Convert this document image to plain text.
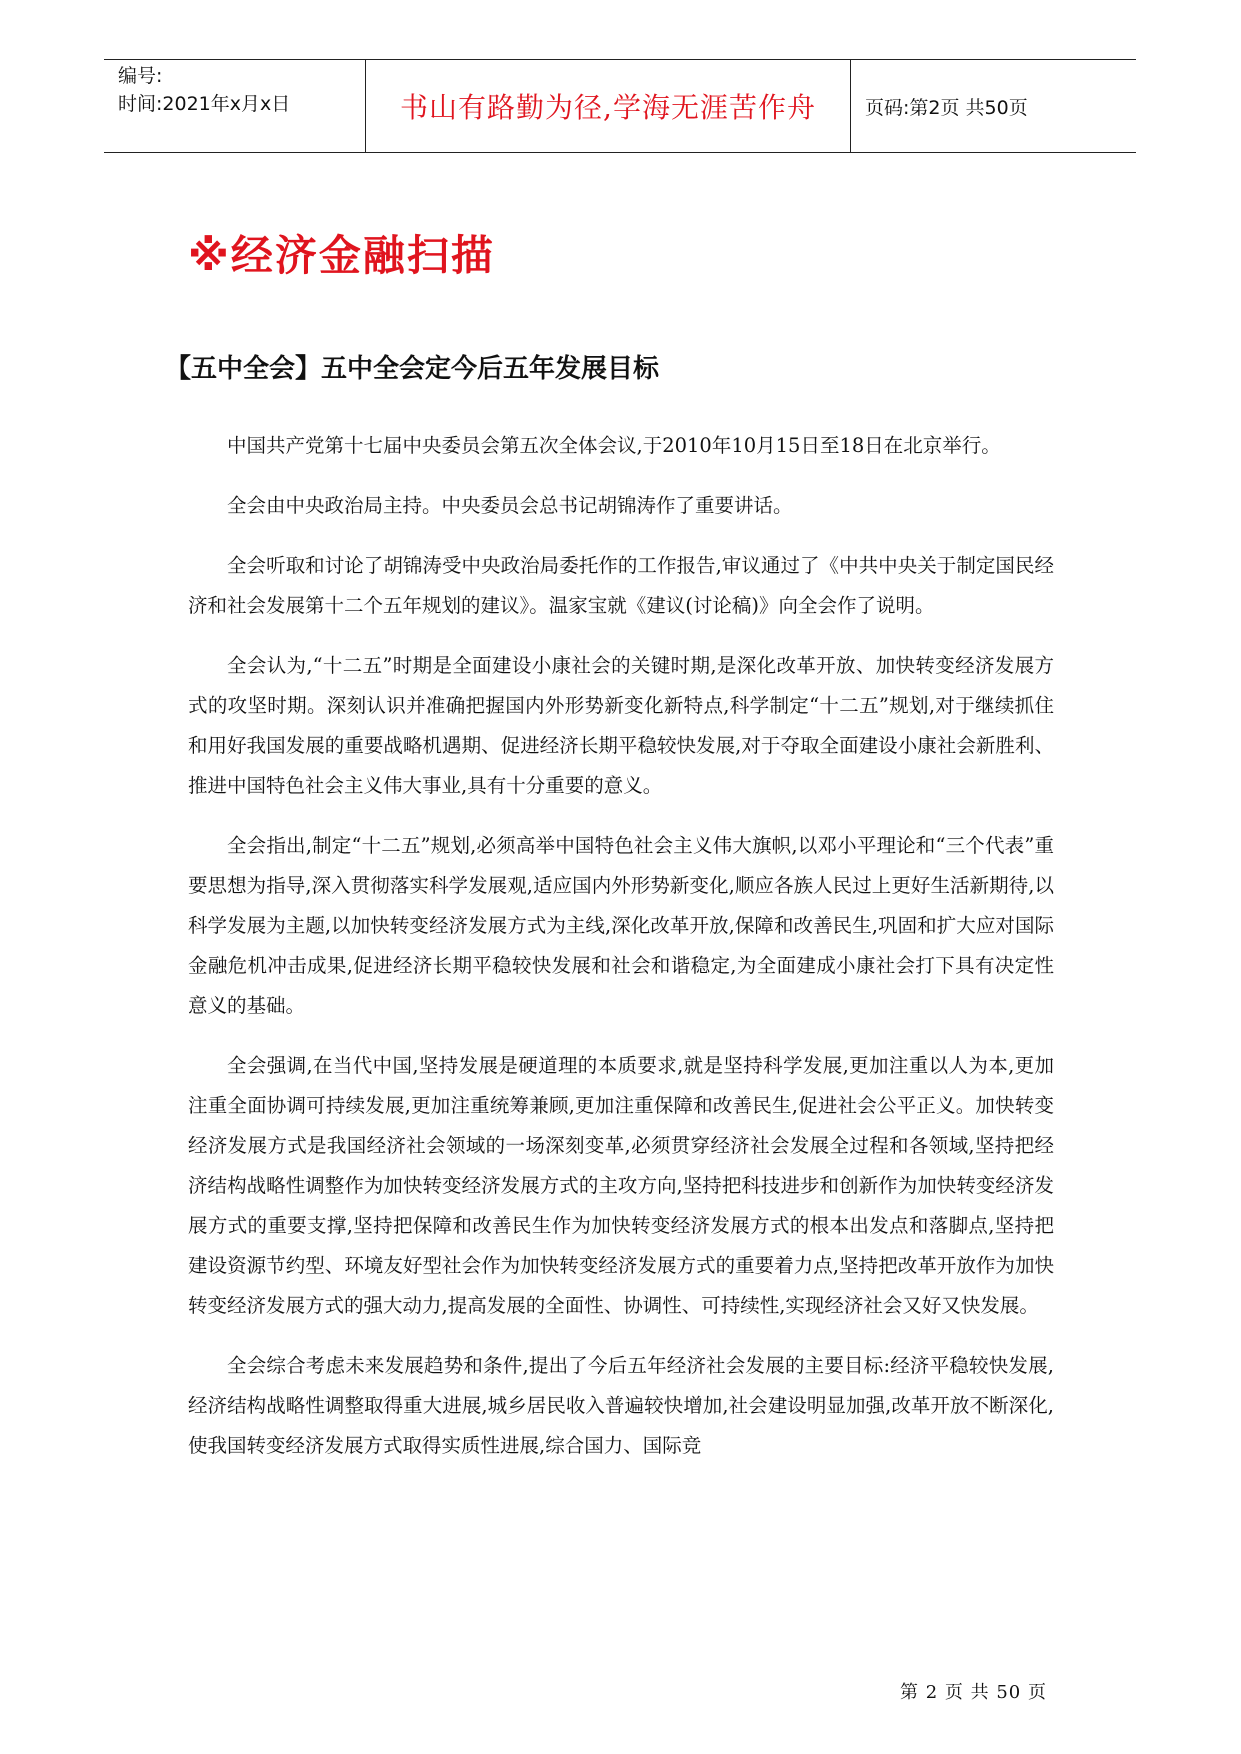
编号:
时间:2021年x月x日	书山有路勤为径,学海无涯苦作舟	页码:第2页 共50页
※经济金融扫描
【五中全会】五中全会定今后五年发展目标

中国共产党第十七届中央委员会第五次全体会议,于2010年10月15日至18日在北京举行。

全会由中央政治局主持。中央委员会总书记胡锦涛作了重要讲话。

全会听取和讨论了胡锦涛受中央政治局委托作的工作报告,审议通过了《中共中央关于制定国民经济和社会发展第十二个五年规划的建议》。温家宝就《建议(讨论稿)》向全会作了说明。

全会认为,“十二五”时期是全面建设小康社会的关键时期,是深化改革开放、加快转变经济发展方式的攻坚时期。深刻认识并准确把握国内外形势新变化新特点,科学制定“十二五”规划,对于继续抓住和用好我国发展的重要战略机遇期、促进经济长期平稳较快发展,对于夺取全面建设小康社会新胜利、推进中国特色社会主义伟大事业,具有十分重要的意义。

全会指出,制定“十二五”规划,必须高举中国特色社会主义伟大旗帜,以邓小平理论和“三个代表”重要思想为指导,深入贯彻落实科学发展观,适应国内外形势新变化,顺应各族人民过上更好生活新期待,以科学发展为主题,以加快转变经济发展方式为主线,深化改革开放,保障和改善民生,巩固和扩大应对国际金融危机冲击成果,促进经济长期平稳较快发展和社会和谐稳定,为全面建成小康社会打下具有决定性意义的基础。

全会强调,在当代中国,坚持发展是硬道理的本质要求,就是坚持科学发展,更加注重以人为本,更加注重全面协调可持续发展,更加注重统筹兼顾,更加注重保障和改善民生,促进社会公平正义。加快转变经济发展方式是我国经济社会领域的一场深刻变革,必须贯穿经济社会发展全过程和各领域,坚持把经济结构战略性调整作为加快转变经济发展方式的主攻方向,坚持把科技进步和创新作为加快转变经济发展方式的重要支撑,坚持把保障和改善民生作为加快转变经济发展方式的根本出发点和落脚点,坚持把建设资源节约型、环境友好型社会作为加快转变经济发展方式的重要着力点,坚持把改革开放作为加快转变经济发展方式的强大动力,提高发展的全面性、协调性、可持续性,实现经济社会又好又快发展。

全会综合考虑未来发展趋势和条件,提出了今后五年经济社会发展的主要目标:经济平稳较快发展,经济结构战略性调整取得重大进展,城乡居民收入普遍较快增加,社会建设明显加强,改革开放不断深化,使我国转变经济发展方式取得实质性进展,综合国力、国际竞

第 2 页 共 50 页
